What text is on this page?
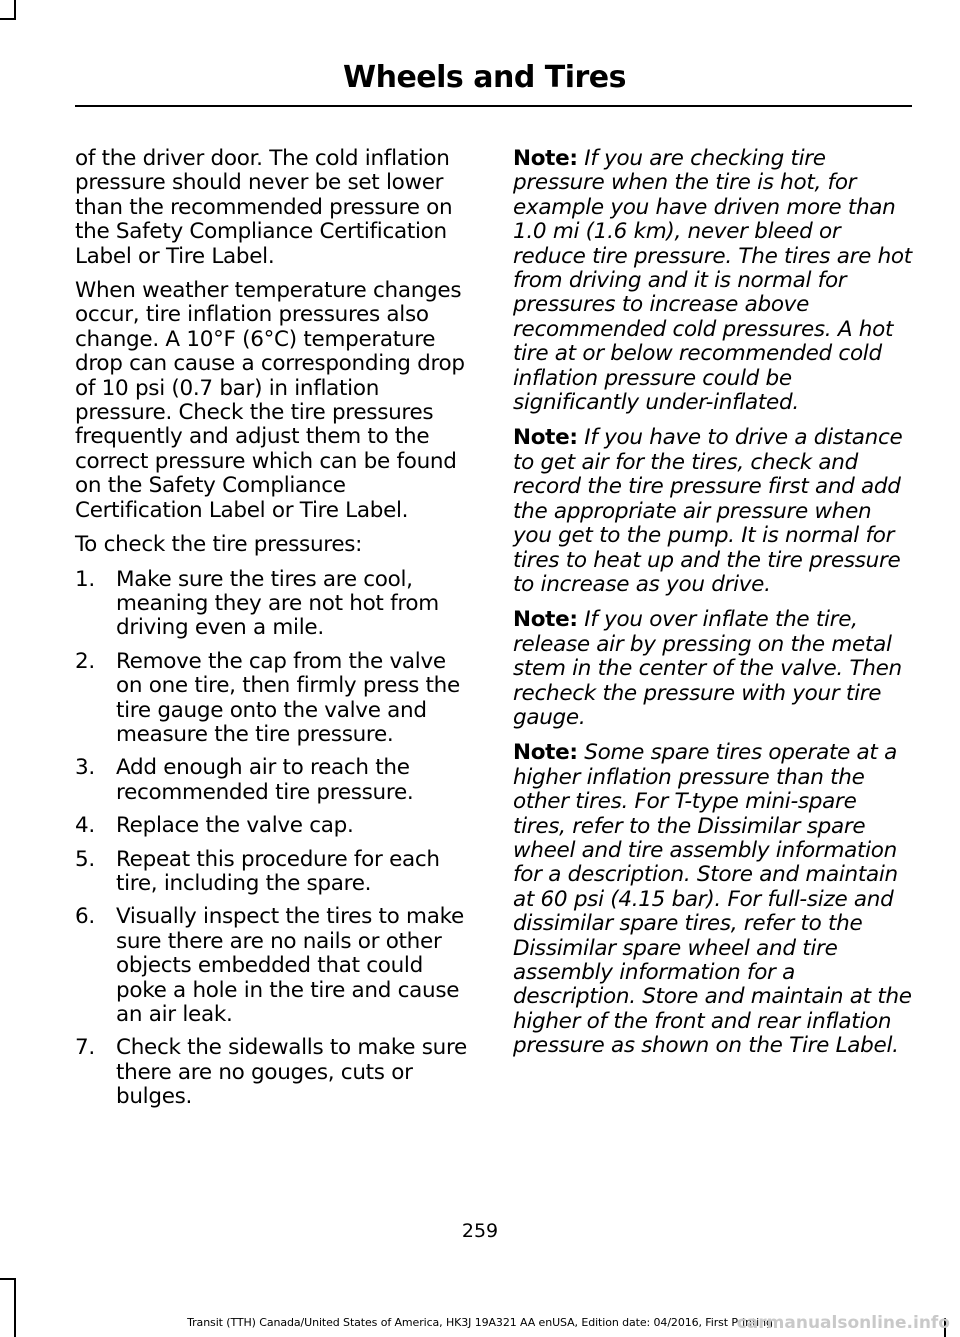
Wheels and Tires

of the driver door. The cold inflation pressure should never be set lower than the recommended pressure on the Safety Compliance Certification Label or Tire Label.

When weather temperature changes occur, tire inflation pressures also change. A 10°F (6°C) temperature drop can cause a corresponding drop of 10 psi (0.7 bar) in inflation pressure. Check the tire pressures frequently and adjust them to the correct pressure which can be found on the Safety Compliance Certification Label or Tire Label.

To check the tire pressures:

1. Make sure the tires are cool, meaning they are not hot from driving even a mile.
2. Remove the cap from the valve on one tire, then firmly press the tire gauge onto the valve and measure the tire pressure.
3. Add enough air to reach the recommended tire pressure.
4. Replace the valve cap.
5. Repeat this procedure for each tire, including the spare.
6. Visually inspect the tires to make sure there are no nails or other objects embedded that could poke a hole in the tire and cause an air leak.
7. Check the sidewalls to make sure there are no gouges, cuts or bulges.

Note: If you are checking tire pressure when the tire is hot, for example you have driven more than 1.0 mi (1.6 km), never bleed or reduce tire pressure. The tires are hot from driving and it is normal for pressures to increase above recommended cold pressures. A hot tire at or below recommended cold inflation pressure could be significantly under-inflated.

Note: If you have to drive a distance to get air for the tires, check and record the tire pressure first and add the appropriate air pressure when you get to the pump. It is normal for tires to heat up and the tire pressure to increase as you drive.

Note: If you over inflate the tire, release air by pressing on the metal stem in the center of the valve. Then recheck the pressure with your tire gauge.

Note: Some spare tires operate at a higher inflation pressure than the other tires. For T-type mini-spare tires, refer to the Dissimilar spare wheel and tire assembly information for a description. Store and maintain at 60 psi (4.15 bar). For full-size and dissimilar spare tires, refer to the Dissimilar spare wheel and tire assembly information for a description. Store and maintain at the higher of the front and rear inflation pressure as shown on the Tire Label.

259
Transit (TTH) Canada/United States of America, HK3J 19A321 AA enUSA, Edition date: 04/2016, First Printing
carmanualsonline.info
